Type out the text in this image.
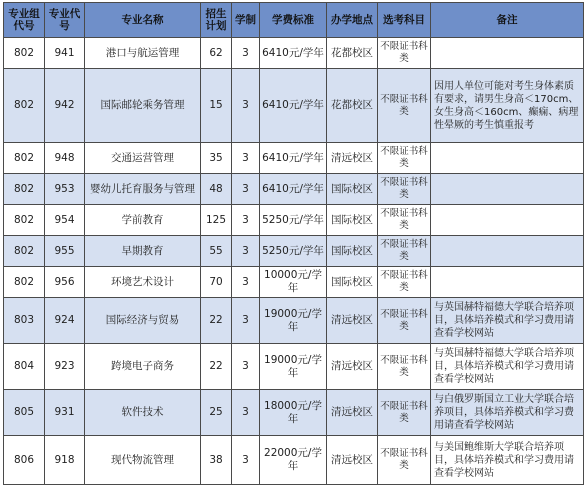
专业组代号	专业代号	专业名称	招生计划	学制	学费标准	办学地点	选考科目	备注
802	941	港口与航运管理	62	3	6410元/学年	花都校区	不限证书科类	
802	942	国际邮轮乘务管理	15	3	6410元/学年	花都校区	不限证书科类	因用人单位可能对考生身体素质有要求，请男生身高＜170cm、女生身高＜160cm、癫痫、病理性晕厥的考生慎重报考
802	948	交通运营管理	35	3	6410元/学年	清远校区	不限证书科类	
802	953	婴幼儿托育服务与管理	48	3	6410元/学年	国际校区	不限证书科类	
802	954	学前教育	125	3	5250元/学年	国际校区	不限证书科类	
802	955	早期教育	55	3	5250元/学年	国际校区	不限证书科类	
802	956	环境艺术设计	70	3	10000元/学年	国际校区	不限证书科类	
803	924	国际经济与贸易	22	3	19000元/学年	清远校区	不限证书科类	与英国赫特福德大学联合培养项目，具体培养模式和学习费用请查看学校网站
804	923	跨境电子商务	22	3	19000元/学年	清远校区	不限证书科类	与英国赫特福德大学联合培养项目，具体培养模式和学习费用请查看学校网站
805	931	软件技术	25	3	18000元/学年	清远校区	不限证书科类	与白俄罗斯国立工业大学联合培养项目，具体培养模式和学习费用请查看学校网站
806	918	现代物流管理	38	3	22000元/学年	清远校区	不限证书科类	与美国鲍维斯大学联合培养项目，具体培养模式和学习费用请查看学校网站
